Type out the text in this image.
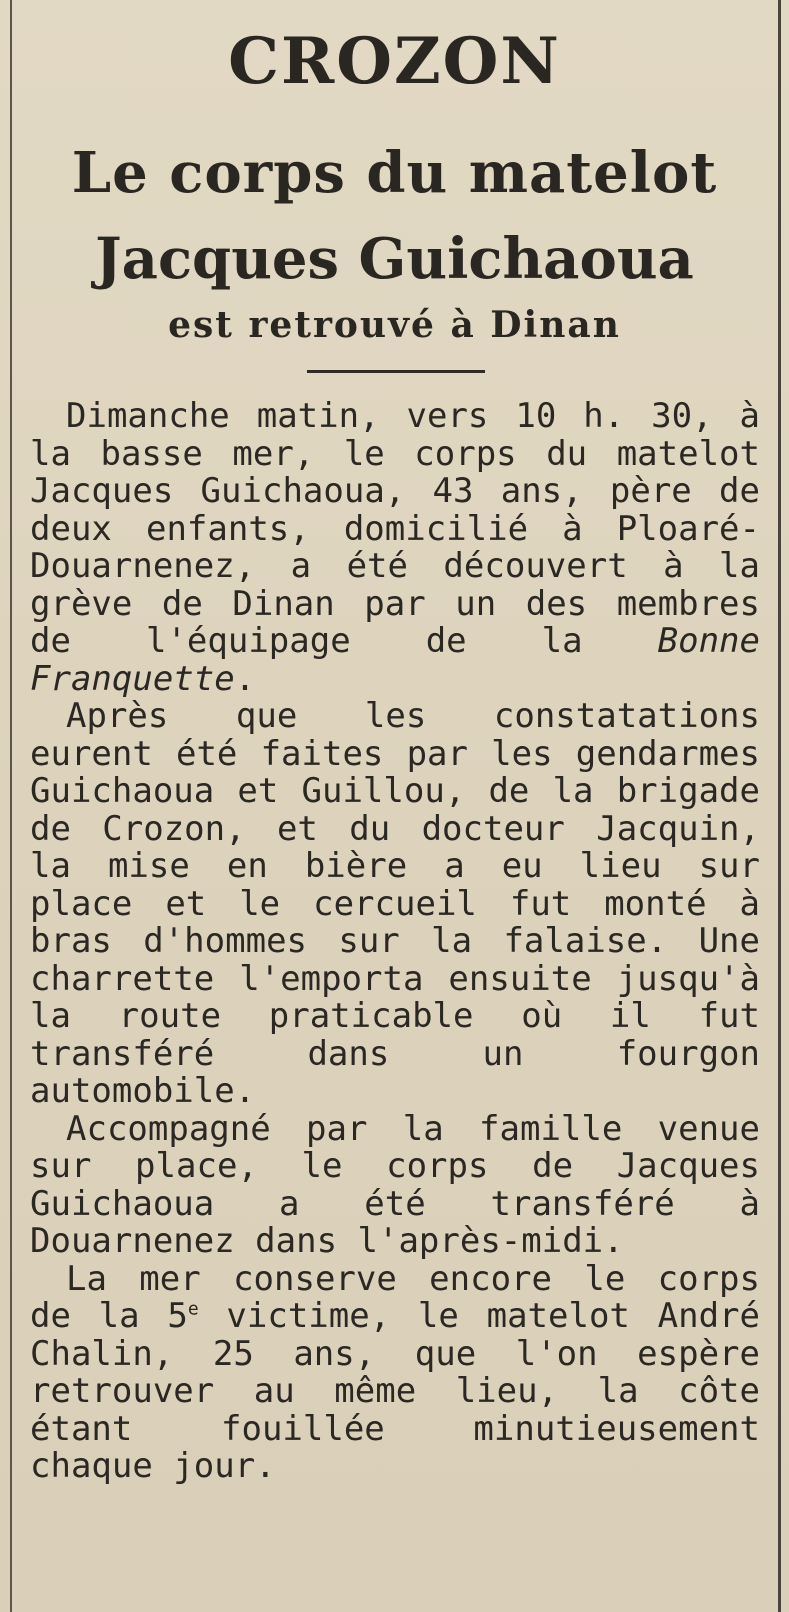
CROZON
Le corps du matelot
Jacques Guichaoua
est retrouvé à Dinan

Dimanche matin, vers 10 h. 30, à la basse mer, le corps du matelot Jacques Guichaoua, 43 ans, père de deux enfants, domicilié à Ploaré-Douarnenez, a été découvert à la grève de Dinan par un des membres de l'équipage de la Bonne Franquette.

Après que les constatations eurent été faites par les gendarmes Guichaoua et Guillou, de la brigade de Crozon, et du docteur Jacquin, la mise en bière a eu lieu sur place et le cercueil fut monté à bras d'hommes sur la falaise. Une charrette l'emporta ensuite jusqu'à la route praticable où il fut transféré dans un fourgon automobile.

Accompagné par la famille venue sur place, le corps de Jacques Guichaoua a été transféré à Douarnenez dans l'après-midi.

La mer conserve encore le corps de la 5e victime, le matelot André Chalin, 25 ans, que l'on espère retrouver au même lieu, la côte étant fouillée minutieusement chaque jour.
